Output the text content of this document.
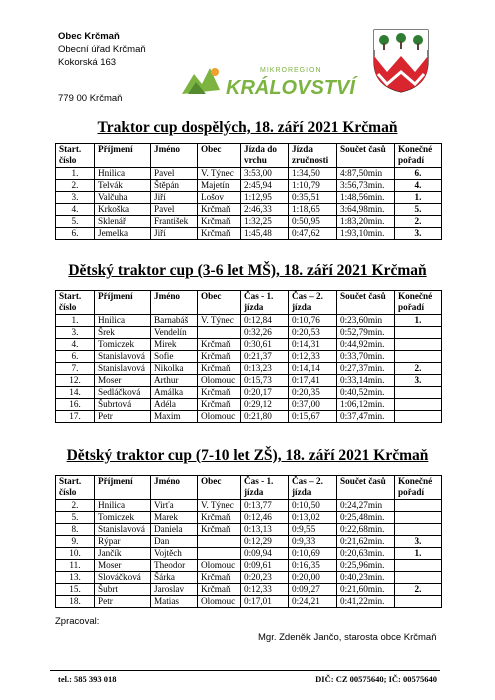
Obec Krčmaň
Obecní úřad Krčmaň
Kokorská 163
779 00 Krčmaň
MIKROREGION
KRÁLOVSTVÍ
Traktor cup dospělých, 18. září 2021 Krčmaň
Start. číslo	Příjmení	Jméno	Obec	Jízda do vrchu	Jízda zručnosti	Součet časů	Konečné pořadí
1.	Hnilica	Pavel	V. Týnec	3:53,00	1:34,50	4:87,50min	6.
2.	Telvák	Štěpán	Majetín	2:45,94	1:10,79	3:56,73min.	4.
3.	Valčuha	Jiří	Lošov	1:12,95	0:35,51	1:48,56min.	1.
4.	Krkoška	Pavel	Krčmaň	2:46,33	1:18,65	3:64,98min.	5.
5.	Sklenář	František	Krčmaň	1:32,25	0:50,95	1:83,20min.	2.
6.	Jemelka	Jiří	Krčmaň	1:45,48	0:47,62	1:93,10min.	3.
Dětský traktor cup (3-6 let MŠ), 18. září 2021 Krčmaň
Start. číslo	Příjmení	Jméno	Obec	Čas - 1. jízda	Čas – 2. jízda	Součet časů	Konečné pořadí
1.	Hnilica	Barnabáš	V. Týnec	0:12,84	0:10,76	0:23,60min	1.
3.	Šrek	Vendelín		0:32,26	0:20,53	0:52,79min.	
4.	Tomiczek	Mirek	Krčmaň	0:30,61	0:14,31	0:44,92min.	
6.	Stanislavová	Sofie	Krčmaň	0:21,37	0:12,33	0:33,70min.	
7.	Stanislavová	Nikolka	Krčmaň	0:13,23	0:14,14	0:27,37min.	2.
12.	Moser	Arthur	Olomouc	0:15,73	0:17,41	0:33,14min.	3.
14.	Sedláčková	Amálka	Krčmaň	0:20,17	0:20,35	0:40,52min.	
16.	Šubrtová	Adéla	Krčmaň	0:29,12	0:37,00	1:06,12min.	
17.	Petr	Maxim	Olomouc	0:21,80	0:15,67	0:37,47min.	
Dětský traktor cup (7-10 let ZŠ), 18. září 2021 Krčmaň
Start. číslo	Příjmení	Jméno	Obec	Čas - 1. jízda	Čas – 2. jízda	Součet časů	Konečné pořadí
2.	Hnilica	Virťa	V. Týnec	0:13,77	0:10,50	0:24,27min	
5.	Tomiczek	Marek	Krčmaň	0:12,46	0:13,02	0:25,48min.	
8.	Stanislavová	Daniela	Krčmaň	0:13,13	0:9,55	0:22,68min.	
9.	Rýpar	Dan		0:12,29	0:9,33	0:21,62min.	3.
10.	Jančík	Vojtěch		0:09,94	0:10,69	0:20,63min.	1.
11.	Moser	Theodor	Olomouc	0:09,61	0:16,35	0:25,96min.	
13.	Slováčková	Šárka	Krčmaň	0:20,23	0:20,00	0:40,23min.	
15.	Šubrt	Jaroslav	Krčmaň	0:12,33	0:09,27	0:21,60min.	2.
18.	Petr	Matias	Olomouc	0:17,01	0:24,21	0:41,22min.	
Zpracoval:
Mgr. Zdeněk Jančo, starosta obce Krčmaň
tel.: 585 393 018	DIČ: CZ 00575640; IČ: 00575640
